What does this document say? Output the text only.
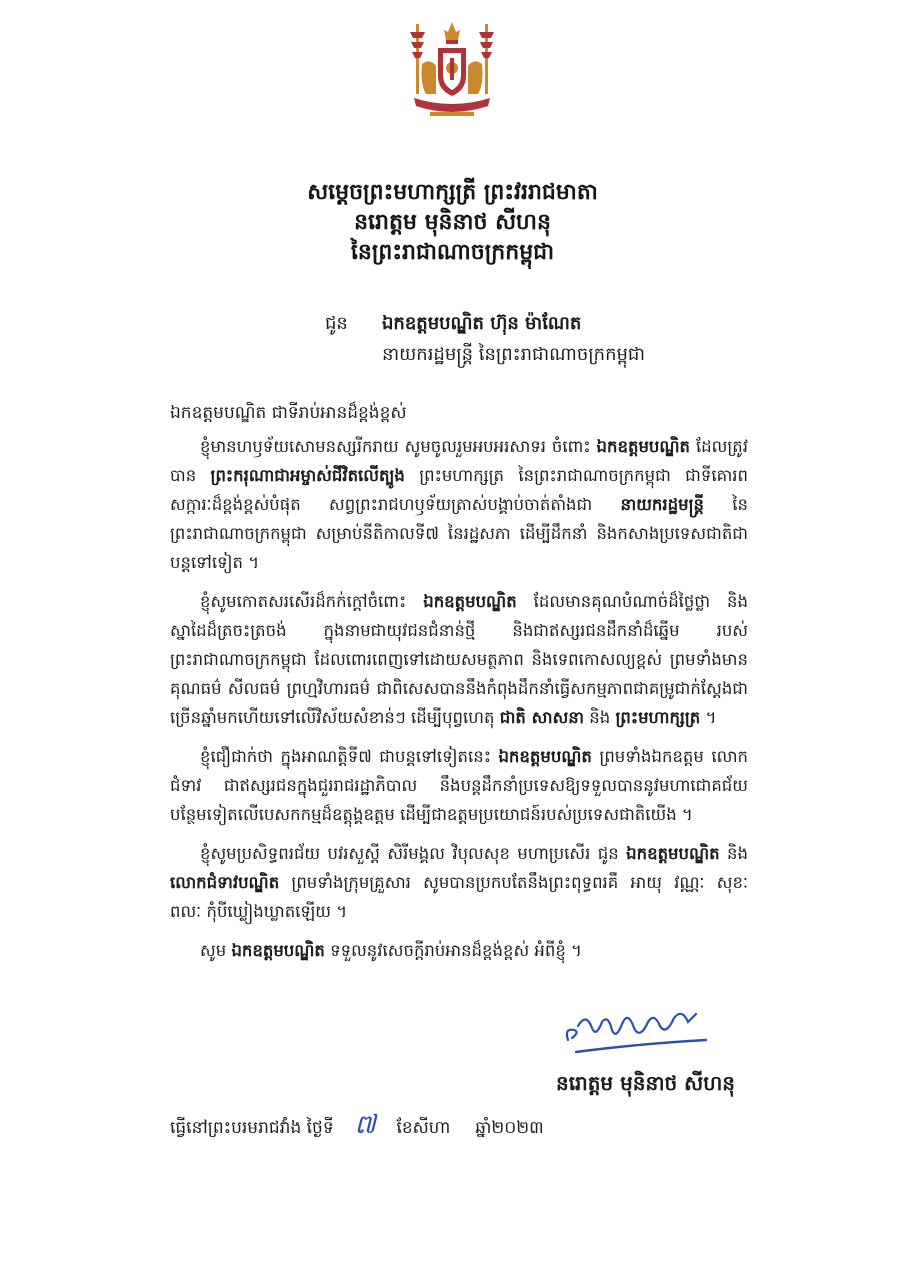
សម្តេចព្រះមហាក្សត្រី ព្រះវររាជមាតា
នរោត្តម មុនិនាថ សីហនុ
នៃព្រះរាជាណាចក្រកម្ពុជា
ជូន ឯកឧត្តមបណ្ឌិត ហ៊ុន ម៉ាណែត
នាយករដ្ឋមន្ត្រី នៃព្រះរាជាណាចក្រកម្ពុជា
ឯកឧត្តមបណ្ឌិត ជាទីរាប់អានដ៏ខ្ពង់ខ្ពស់

ខ្ញុំមានហឫទ័យសោមនស្សរីករាយ សូមចូលរួមអបអរសាទរ ចំពោះ ឯកឧត្តមបណ្ឌិត ដែលត្រូវបាន ព្រះករុណាជាអម្ចាស់ជីវិតលើត្បូង ព្រះមហាក្សត្រ នៃព្រះរាជាណាចក្រកម្ពុជា ជាទីគោរពសក្ការៈដ៏ខ្ពង់ខ្ពស់បំផុត សព្វព្រះរាជហឫទ័យត្រាស់បង្គាប់ចាត់តាំងជា នាយករដ្ឋមន្ត្រី នៃព្រះរាជាណាចក្រកម្ពុជា សម្រាប់នីតិកាលទី៧ នៃរដ្ឋសភា ដើម្បីដឹកនាំ និងកសាងប្រទេសជាតិជាបន្តទៅទៀត ។

ខ្ញុំសូមកោតសរសើរដ៏កក់ក្តៅចំពោះ ឯកឧត្តមបណ្ឌិត ដែលមានគុណបំណាច់ដ៏ថ្លៃថ្លា និងស្នាដៃដ៏ត្រចះត្រចង់ ក្នុងនាមជាយុវជនជំនាន់ថ្មី និងជាឥស្សរជនដឹកនាំដ៏ឆ្នើម របស់ព្រះរាជាណាចក្រកម្ពុជា ដែលពោរពេញទៅដោយសមត្ថភាព និងទេពកោសល្យខ្ពស់ ព្រមទាំងមានគុណធម៌ សីលធម៌ ព្រហ្មវិហារធម៌ ជាពិសេសបាននឹងកំពុងដឹកនាំធ្វើសកម្មភាពជាគម្រូជាក់ស្តែងជាច្រើនឆ្នាំមកហើយទៅលើវិស័យសំខាន់ៗ ដើម្បីបុព្វហេតុ ជាតិ សាសនា និង ព្រះមហាក្សត្រ ។

ខ្ញុំជឿជាក់ថា ក្នុងអាណត្តិទី៧ ជាបន្តទៅទៀតនេះ ឯកឧត្តមបណ្ឌិត ព្រមទាំងឯកឧត្តម លោកជំទាវ ជាឥស្សរជនក្នុងជួររាជរដ្ឋាភិបាល នឹងបន្តដឹកនាំប្រទេសឱ្យទទួលបាននូវមហាជោគជ័យបន្ថែមទៀតលើបេសកកម្មដ៏ឧត្តុង្គឧត្តម ដើម្បីជាឧត្តមប្រយោជន៍របស់ប្រទេសជាតិយើង ។

ខ្ញុំសូមប្រសិទ្ធពរជ័យ បវរសួស្តី សិរីមង្គល វិបុលសុខ មហាប្រសើរ ជូន ឯកឧត្តមបណ្ឌិត និង លោកជំទាវបណ្ឌិត ព្រមទាំងក្រុមគ្រួសារ សូមបានប្រកបតែនឹងព្រះពុទ្ធពរគឺ អាយុ វណ្ណៈ សុខៈ ពលៈ កុំបីឃ្លៀងឃ្លាតឡើយ ។

សូម ឯកឧត្តមបណ្ឌិត ទទួលនូវសេចក្តីរាប់អានដ៏ខ្ពង់ខ្ពស់ អំពីខ្ញុំ ។

នរោត្តម មុនិនាថ សីហនុ
ធ្វើនៅព្រះបរមរាជវាំង ថ្ងៃទី ៧ ខែសីហា ឆ្នាំ២០២៣
